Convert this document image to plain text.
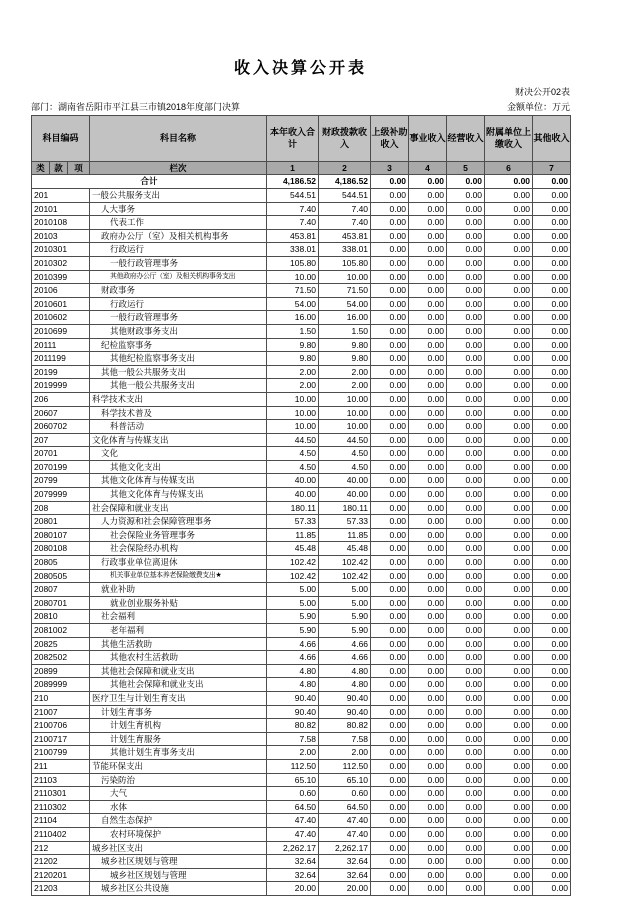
收入决算公开表
财决公开02表
部门：湖南省岳阳市平江县三市镇2018年度部门决算	金额单位：万元
科目编码			科目名称	本年收入合计	财政拨款收入	上级补助收入	事业收入	经营收入	附属单位上缴收入	其他收入
类	款	项	栏次	1	2	3	4	5	6	7
合计				4,186.52	4,186.52	0.00	0.00	0.00	0.00	0.00
201			一般公共服务支出	544.51	544.51	0.00	0.00	0.00	0.00	0.00
20101			人大事务	7.40	7.40	0.00	0.00	0.00	0.00	0.00
2010108			代表工作	7.40	7.40	0.00	0.00	0.00	0.00	0.00
20103			政府办公厅（室）及相关机构事务	453.81	453.81	0.00	0.00	0.00	0.00	0.00
2010301			行政运行	338.01	338.01	0.00	0.00	0.00	0.00	0.00
2010302			一般行政管理事务	105.80	105.80	0.00	0.00	0.00	0.00	0.00
2010399			其他政府办公厅（室）及相关机构事务支出	10.00	10.00	0.00	0.00	0.00	0.00	0.00
20106			财政事务	71.50	71.50	0.00	0.00	0.00	0.00	0.00
2010601			行政运行	54.00	54.00	0.00	0.00	0.00	0.00	0.00
2010602			一般行政管理事务	16.00	16.00	0.00	0.00	0.00	0.00	0.00
2010699			其他财政事务支出	1.50	1.50	0.00	0.00	0.00	0.00	0.00
20111			纪检监察事务	9.80	9.80	0.00	0.00	0.00	0.00	0.00
2011199			其他纪检监察事务支出	9.80	9.80	0.00	0.00	0.00	0.00	0.00
20199			其他一般公共服务支出	2.00	2.00	0.00	0.00	0.00	0.00	0.00
2019999			其他一般公共服务支出	2.00	2.00	0.00	0.00	0.00	0.00	0.00
206			科学技术支出	10.00	10.00	0.00	0.00	0.00	0.00	0.00
20607			科学技术普及	10.00	10.00	0.00	0.00	0.00	0.00	0.00
2060702			科普活动	10.00	10.00	0.00	0.00	0.00	0.00	0.00
207			文化体育与传媒支出	44.50	44.50	0.00	0.00	0.00	0.00	0.00
20701			文化	4.50	4.50	0.00	0.00	0.00	0.00	0.00
2070199			其他文化支出	4.50	4.50	0.00	0.00	0.00	0.00	0.00
20799			其他文化体育与传媒支出	40.00	40.00	0.00	0.00	0.00	0.00	0.00
2079999			其他文化体育与传媒支出	40.00	40.00	0.00	0.00	0.00	0.00	0.00
208			社会保障和就业支出	180.11	180.11	0.00	0.00	0.00	0.00	0.00
20801			人力资源和社会保障管理事务	57.33	57.33	0.00	0.00	0.00	0.00	0.00
2080107			社会保险业务管理事务	11.85	11.85	0.00	0.00	0.00	0.00	0.00
2080108			社会保险经办机构	45.48	45.48	0.00	0.00	0.00	0.00	0.00
20805			行政事业单位离退休	102.42	102.42	0.00	0.00	0.00	0.00	0.00
2080505			机关事业单位基本养老保险缴费支出★	102.42	102.42	0.00	0.00	0.00	0.00	0.00
20807			就业补助	5.00	5.00	0.00	0.00	0.00	0.00	0.00
2080701			就业创业服务补贴	5.00	5.00	0.00	0.00	0.00	0.00	0.00
20810			社会福利	5.90	5.90	0.00	0.00	0.00	0.00	0.00
2081002			老年福利	5.90	5.90	0.00	0.00	0.00	0.00	0.00
20825			其他生活救助	4.66	4.66	0.00	0.00	0.00	0.00	0.00
2082502			其他农村生活救助	4.66	4.66	0.00	0.00	0.00	0.00	0.00
20899			其他社会保障和就业支出	4.80	4.80	0.00	0.00	0.00	0.00	0.00
2089999			其他社会保障和就业支出	4.80	4.80	0.00	0.00	0.00	0.00	0.00
210			医疗卫生与计划生育支出	90.40	90.40	0.00	0.00	0.00	0.00	0.00
21007			计划生育事务	90.40	90.40	0.00	0.00	0.00	0.00	0.00
2100706			计划生育机构	80.82	80.82	0.00	0.00	0.00	0.00	0.00
2100717			计划生育服务	7.58	7.58	0.00	0.00	0.00	0.00	0.00
2100799			其他计划生育事务支出	2.00	2.00	0.00	0.00	0.00	0.00	0.00
211			节能环保支出	112.50	112.50	0.00	0.00	0.00	0.00	0.00
21103			污染防治	65.10	65.10	0.00	0.00	0.00	0.00	0.00
2110301			大气	0.60	0.60	0.00	0.00	0.00	0.00	0.00
2110302			水体	64.50	64.50	0.00	0.00	0.00	0.00	0.00
21104			自然生态保护	47.40	47.40	0.00	0.00	0.00	0.00	0.00
2110402			农村环境保护	47.40	47.40	0.00	0.00	0.00	0.00	0.00
212			城乡社区支出	2,262.17	2,262.17	0.00	0.00	0.00	0.00	0.00
21202			城乡社区规划与管理	32.64	32.64	0.00	0.00	0.00	0.00	0.00
2120201			城乡社区规划与管理	32.64	32.64	0.00	0.00	0.00	0.00	0.00
21203			城乡社区公共设施	20.00	20.00	0.00	0.00	0.00	0.00	0.00
